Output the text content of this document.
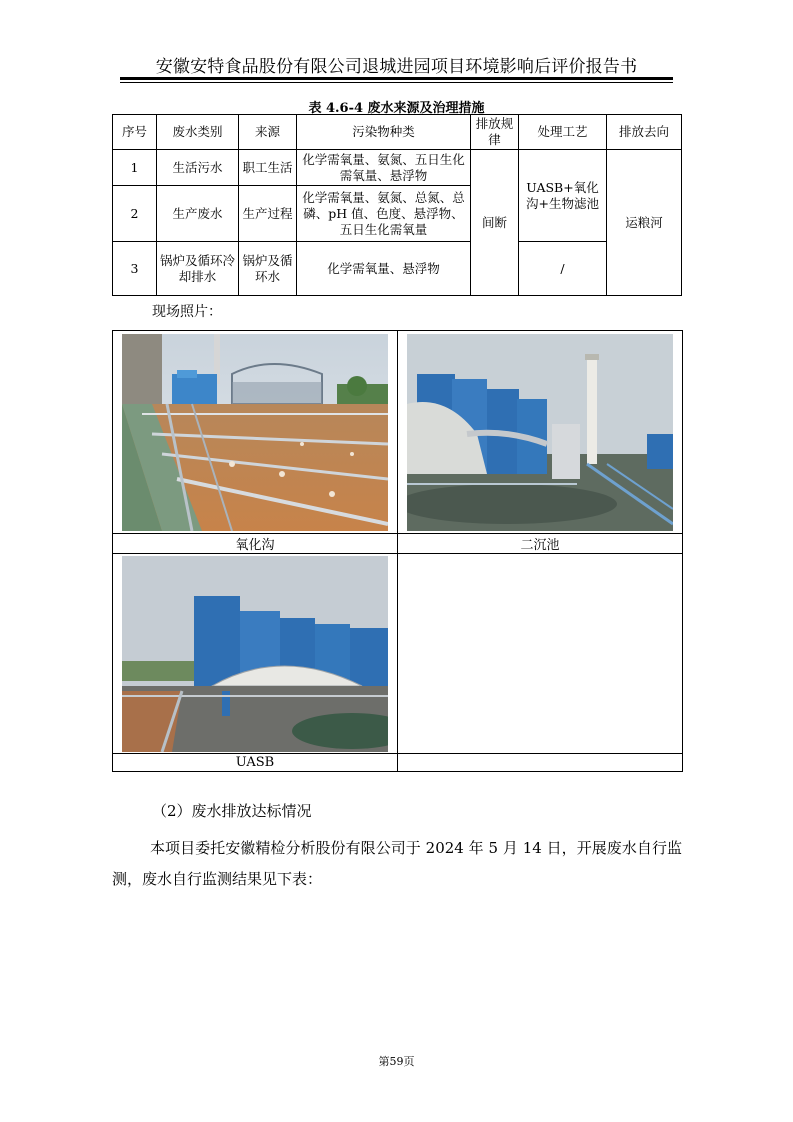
安徽安特食品股份有限公司退城进园项目环境影响后评价报告书
表 4.6-4 废水来源及治理措施
序号	废水类别	来源	污染物种类	排放规律	处理工艺	排放去向
1	生活污水	职工生活	化学需氧量、氨氮、五日生化需氧量、悬浮物	间断	UASB+氧化沟+生物滤池	运粮河
2	生产废水	生产过程	化学需氧量、氨氮、总氮、总磷、pH 值、色度、悬浮物、五日生化需氧量			
3	锅炉及循环冷却排水	锅炉及循环水	化学需氧量、悬浮物		/	
现场照片：

氧化沟	二沉池

UASB	
（2）废水排放达标情况
本项目委托安徽精检分析股份有限公司于 2024 年 5 月 14 日，开展废水自行监测，废水自行监测结果见下表：
第59页
